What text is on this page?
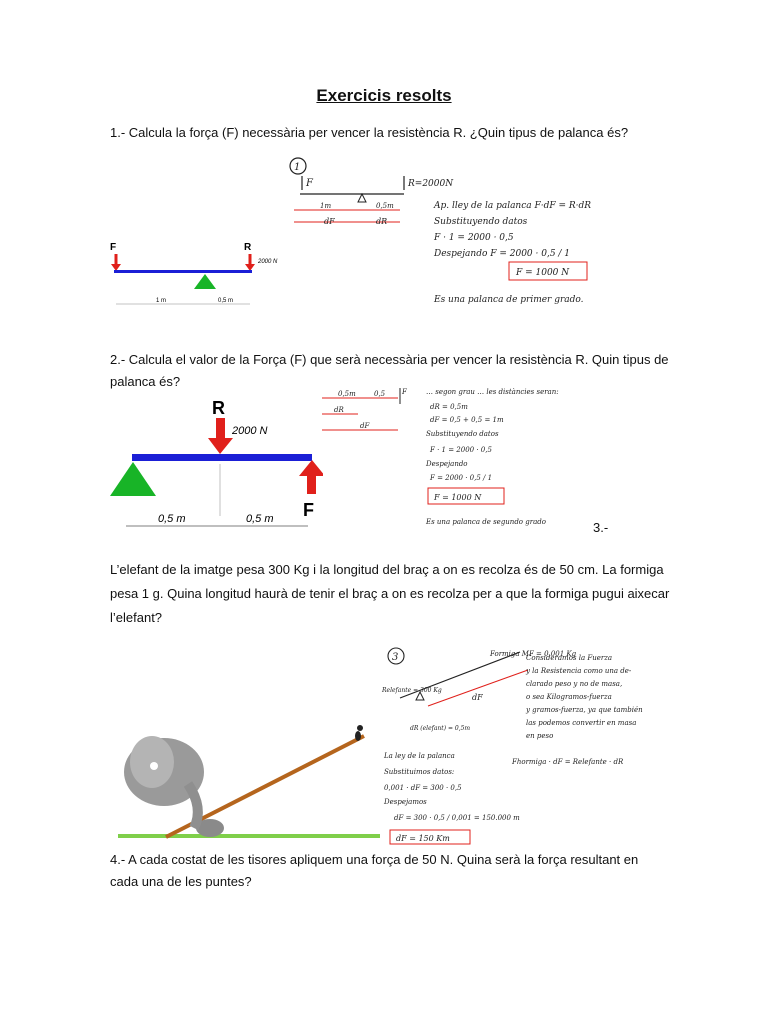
Exercicis resolts
1.- Calcula la força (F) necessària per vencer la resistència R. ¿Quin tipus de palanca és?
F	R
2000 N
1 m	0,5 m
1
F	R=2000N
1m	0,5m
dF	dR
Ap. lley de la palanca F·dF = R·dR
Substituyendo datos
F · 1 = 2000 · 0,5
Despejando F = 2000 · 0,5 / 1
F = 1000 N
Es una palanca de primer grado.
2.- Calcula el valor de la Força (F) que serà necessària per vencer la resistència R. Quin tipus de palanca és?
R
2000 N
F
0,5 m	0,5 m
0,5m	0,5
dR
dF
F	… segon grau … les distàncies seran:
dR = 0,5m
dF = 0,5 + 0,5 = 1m
Substituyendo datos
F · 1 = 2000 · 0,5
Despejando
F = 2000 · 0,5 / 1
F = 1000 N
Es una palanca de segundo grado	3.-
L’elefant de la imatge pesa 300 Kg i la longitud del braç a on es recolza és de 50 cm. La formiga pesa 1 g. Quina longitud haurà de tenir el braç a on es recolza per a que la formiga pugui aixecar l’elefant?
3	Formiga MF = 0,001 Kg
dF
Relefante = 300 Kg
dR (elefant) = 0,5m
Consideramos la Fuerza
y la Resistencia como una de-
clarado peso y no de masa,
o sea Kilogramos-fuerza
y gramos-fuerza, ya que también
las podemos convertir en masa
en peso
La ley de la palanca
Fhormiga · dF = Relefante · dR
Substituimos datos:
0,001 · dF = 300 · 0,5
Despejamos
dF = 300 · 0,5 / 0,001 = 150.000 m
dF = 150 Km
4.- A cada costat de les tisores apliquem una força de 50 N. Quina serà la força resultant en cada una de les puntes?
